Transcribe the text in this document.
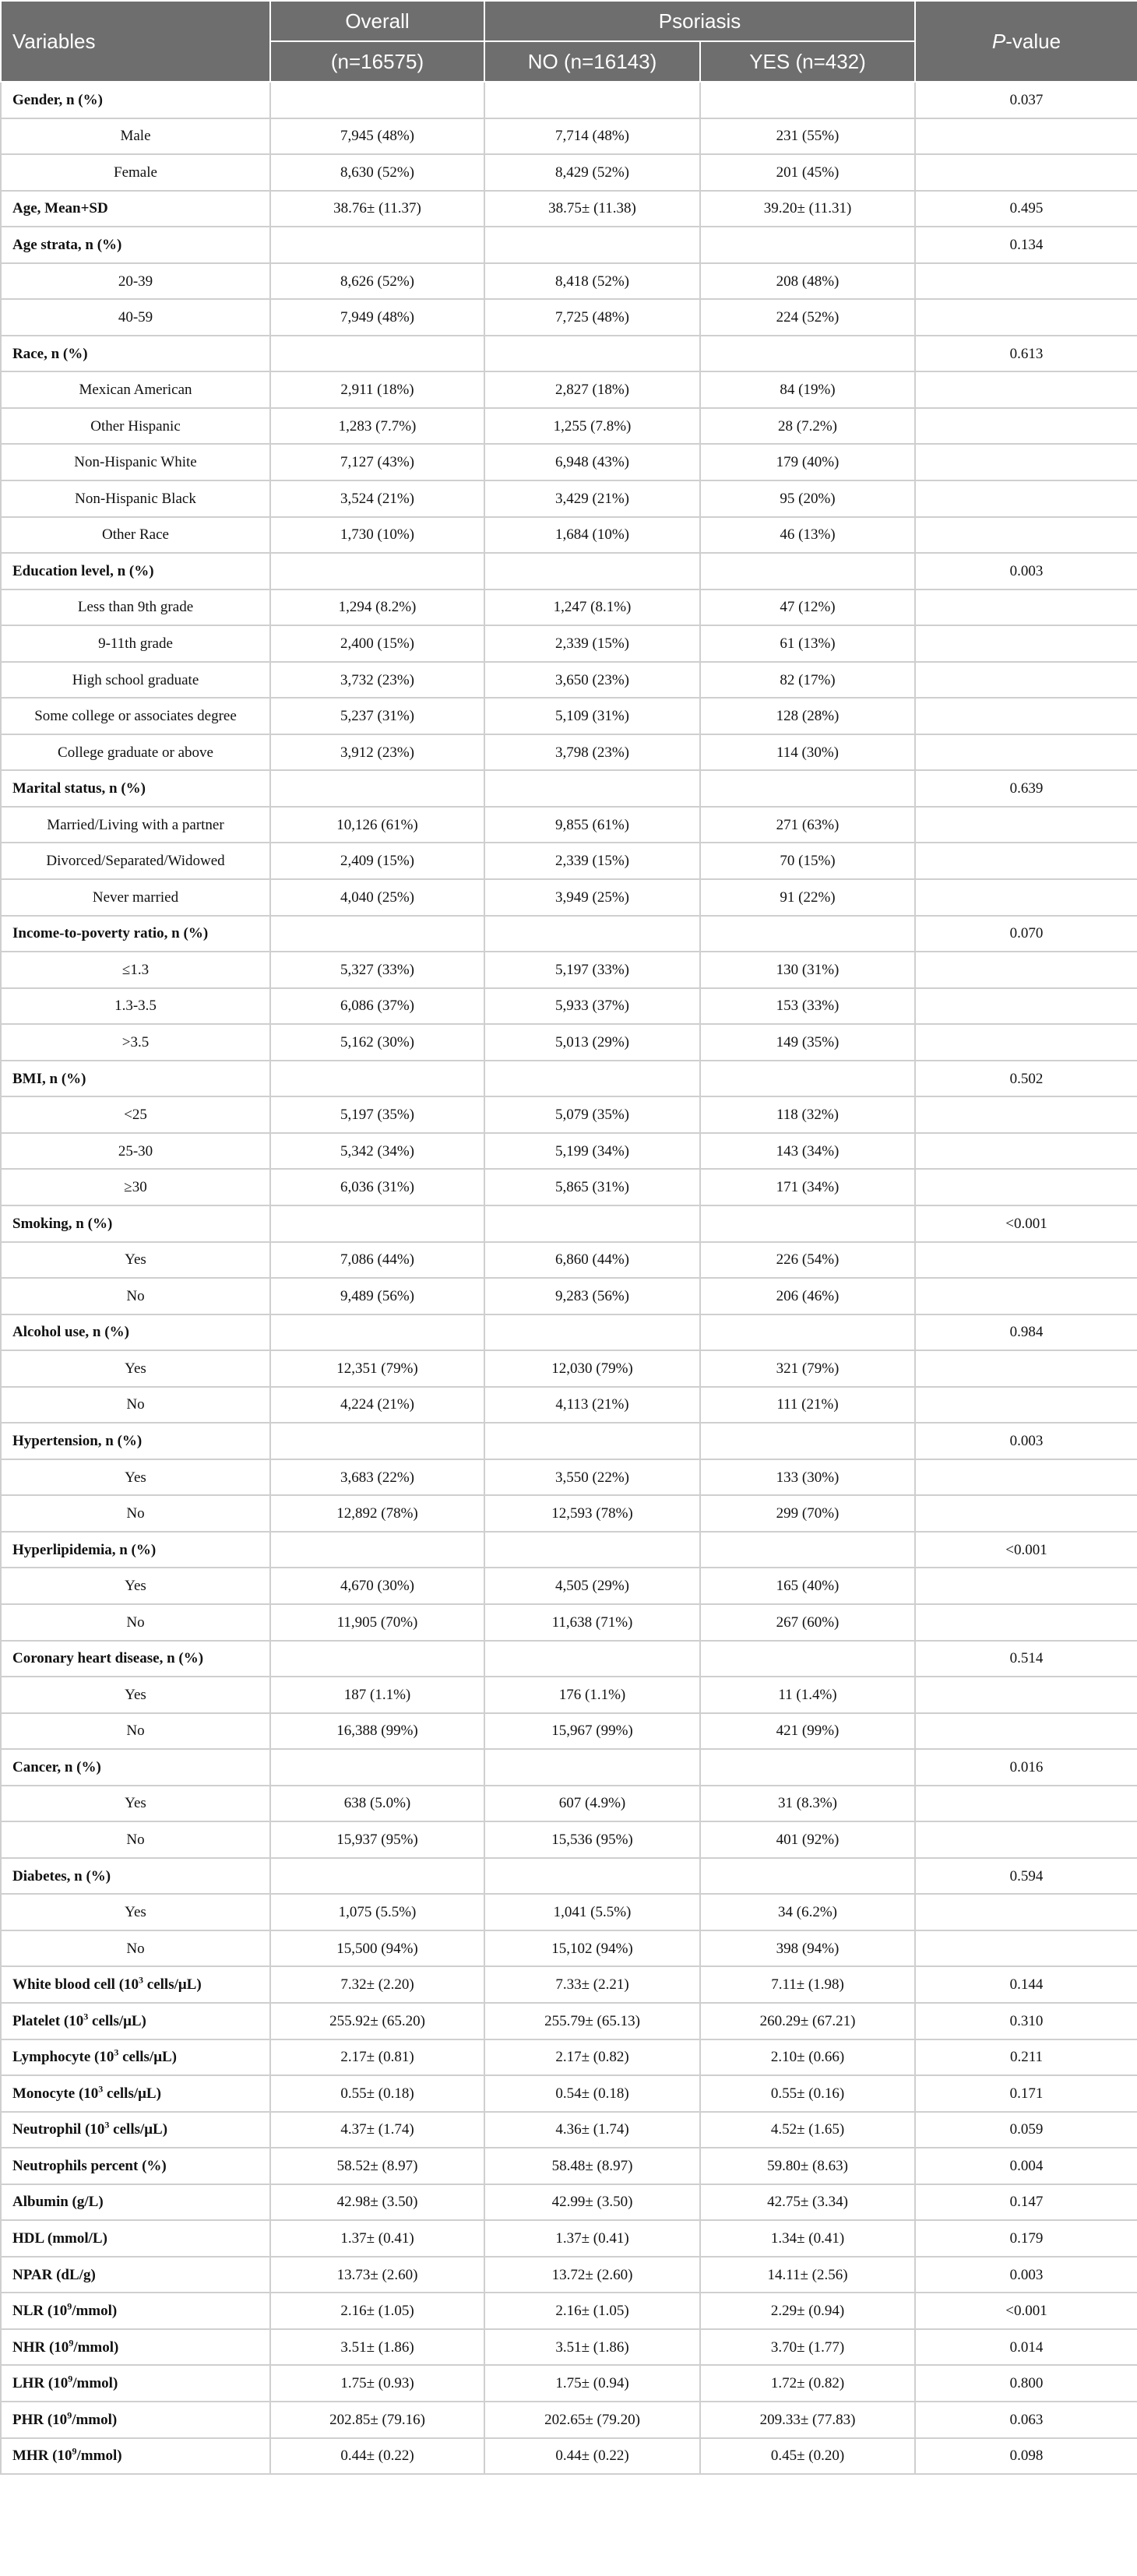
Variables	Overall	Psoriasis		P-value
	(n=16575)	NO (n=16143)	YES (n=432)	
Gender, n (%)				0.037
Male	7,945 (48%)	7,714 (48%)	231 (55%)	
Female	8,630 (52%)	8,429 (52%)	201 (45%)	
Age, Mean+SD	38.76± (11.37)	38.75± (11.38)	39.20± (11.31)	0.495
Age strata, n (%)				0.134
20-39	8,626 (52%)	8,418 (52%)	208 (48%)	
40-59	7,949 (48%)	7,725 (48%)	224 (52%)	
Race, n (%)				0.613
Mexican American	2,911 (18%)	2,827 (18%)	84 (19%)	
Other Hispanic	1,283 (7.7%)	1,255 (7.8%)	28 (7.2%)	
Non-Hispanic White	7,127 (43%)	6,948 (43%)	179 (40%)	
Non-Hispanic Black	3,524 (21%)	3,429 (21%)	95 (20%)	
Other Race	1,730 (10%)	1,684 (10%)	46 (13%)	
Education level, n (%)				0.003
Less than 9th grade	1,294 (8.2%)	1,247 (8.1%)	47 (12%)	
9-11th grade	2,400 (15%)	2,339 (15%)	61 (13%)	
High school graduate	3,732 (23%)	3,650 (23%)	82 (17%)	
Some college or associates degree	5,237 (31%)	5,109 (31%)	128 (28%)	
College graduate or above	3,912 (23%)	3,798 (23%)	114 (30%)	
Marital status, n (%)				0.639
Married/Living with a partner	10,126 (61%)	9,855 (61%)	271 (63%)	
Divorced/Separated/Widowed	2,409 (15%)	2,339 (15%)	70 (15%)	
Never married	4,040 (25%)	3,949 (25%)	91 (22%)	
Income-to-poverty ratio, n (%)				0.070
≤1.3	5,327 (33%)	5,197 (33%)	130 (31%)	
1.3-3.5	6,086 (37%)	5,933 (37%)	153 (33%)	
>3.5	5,162 (30%)	5,013 (29%)	149 (35%)	
BMI, n (%)				0.502
<25	5,197 (35%)	5,079 (35%)	118 (32%)	
25-30	5,342 (34%)	5,199 (34%)	143 (34%)	
≥30	6,036 (31%)	5,865 (31%)	171 (34%)	
Smoking, n (%)				<0.001
Yes	7,086 (44%)	6,860 (44%)	226 (54%)	
No	9,489 (56%)	9,283 (56%)	206 (46%)	
Alcohol use, n (%)				0.984
Yes	12,351 (79%)	12,030 (79%)	321 (79%)	
No	4,224 (21%)	4,113 (21%)	111 (21%)	
Hypertension, n (%)				0.003
Yes	3,683 (22%)	3,550 (22%)	133 (30%)	
No	12,892 (78%)	12,593 (78%)	299 (70%)	
Hyperlipidemia, n (%)				<0.001
Yes	4,670 (30%)	4,505 (29%)	165 (40%)	
No	11,905 (70%)	11,638 (71%)	267 (60%)	
Coronary heart disease, n (%)				0.514
Yes	187 (1.1%)	176 (1.1%)	11 (1.4%)	
No	16,388 (99%)	15,967 (99%)	421 (99%)	
Cancer, n (%)				0.016
Yes	638 (5.0%)	607 (4.9%)	31 (8.3%)	
No	15,937 (95%)	15,536 (95%)	401 (92%)	
Diabetes, n (%)				0.594
Yes	1,075 (5.5%)	1,041 (5.5%)	34 (6.2%)	
No	15,500 (94%)	15,102 (94%)	398 (94%)	
White blood cell ($10^3$ cells/μL)	7.32± (2.20)	7.33± (2.21)	7.11± (1.98)	0.144
Platelet ($10^3$ cells/μL)	255.92± (65.20)	255.79± (65.13)	260.29± (67.21)	0.310
Lymphocyte ($10^3$ cells/μL)	2.17± (0.81)	2.17± (0.82)	2.10± (0.66)	0.211
Monocyte ($10^3$ cells/μL)	0.55± (0.18)	0.54± (0.18)	0.55± (0.16)	0.171
Neutrophil ($10^3$ cells/μL)	4.37± (1.74)	4.36± (1.74)	4.52± (1.65)	0.059
Neutrophils percent (%)	58.52± (8.97)	58.48± (8.97)	59.80± (8.63)	0.004
Albumin (g/L)	42.98± (3.50)	42.99± (3.50)	42.75± (3.34)	0.147
HDL (mmol/L)	1.37± (0.41)	1.37± (0.41)	1.34± (0.41)	0.179
NPAR (dL/g)	13.73± (2.60)	13.72± (2.60)	14.11± (2.56)	0.003
NLR $(10^9/mmol)$	2.16± (1.05)	2.16± (1.05)	2.29± (0.94)	<0.001
NHR $(10^9/mmol)$	3.51± (1.86)	3.51± (1.86)	3.70± (1.77)	0.014
LHR $(10^9/mmol)$	1.75± (0.93)	1.75± (0.94)	1.72± (0.82)	0.800
PHR $(10^9/mmol)$	202.85± (79.16)	202.65± (79.20)	209.33± (77.83)	0.063
MHR $(10^9/mmol)$	0.44± (0.22)	0.44± (0.22)	0.45± (0.20)	0.098
